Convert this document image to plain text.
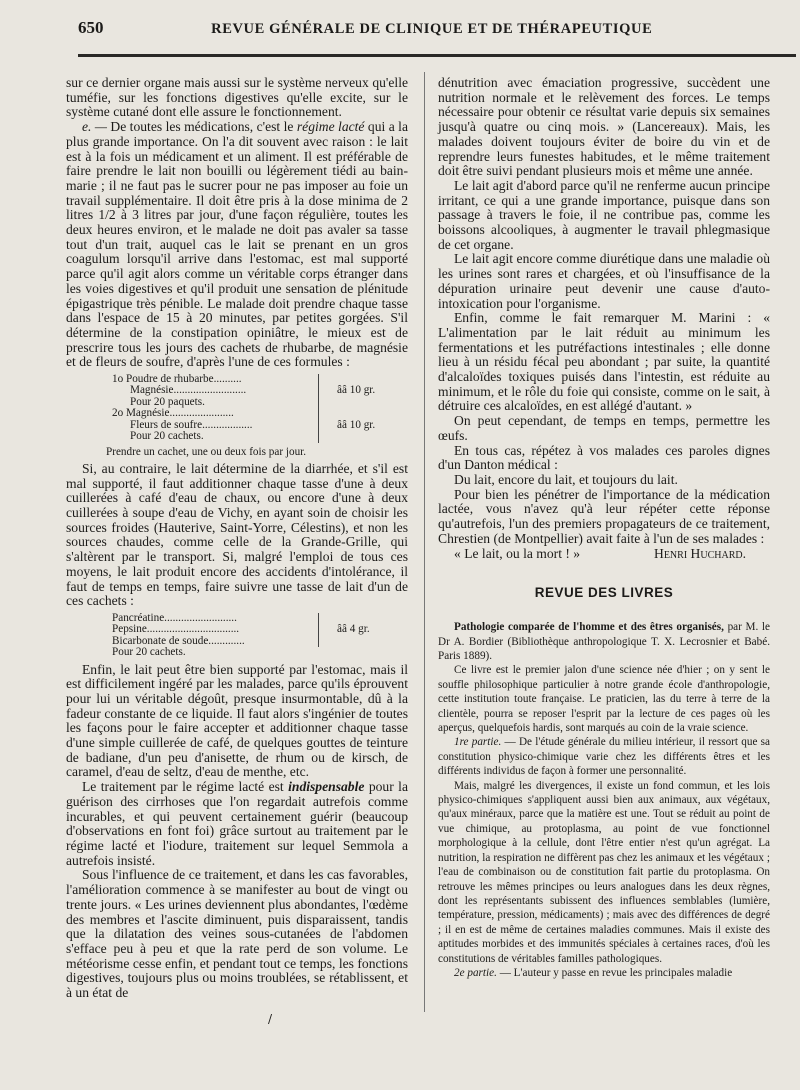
650	REVUE GÉNÉRALE DE CLINIQUE ET DE THÉRAPEUTIQUE

sur ce dernier organe mais aussi sur le système nerveux qu'elle tuméfie, sur les fonctions digestives qu'elle excite, sur le système cutané dont elle assure le fonctionnement.

e. — De toutes les médications, c'est le régime lacté qui a la plus grande importance. On l'a dit souvent avec raison : le lait est à la fois un médicament et un aliment. Il est préférable de faire prendre le lait non bouilli ou légèrement tiédi au bain-marie ; il ne faut pas le sucrer pour ne pas imposer au foie un travail supplémentaire. Il doit être pris à la dose minima de 2 litres 1/2 à 3 litres par jour, d'une façon régulière, toutes les deux heures environ, et le malade ne doit pas avaler sa tasse tout d'un trait, auquel cas le lait se prenant en un gros coagulum lorsqu'il arrive dans l'estomac, est mal supporté parce qu'il agit alors comme un véritable corps étranger dans les voies digestives et qu'il produit une sensation de plénitude épigastrique très pénible. Le malade doit prendre chaque tasse dans l'espace de 15 à 20 minutes, par petites gorgées. S'il détermine de la constipation opiniâtre, le mieux est de prescrire tous les jours des cachets de rhubarbe, de magnésie et de fleurs de soufre, d'après l'une de ces formules :

1o Poudre de rhubarbe..........
Magnésie..........................	ââ 10 gr.
Pour 20 paquets.
2o Magnésie.......................
Fleurs de soufre..................	ââ 10 gr.
Pour 20 cachets.
Prendre un cachet, une ou deux fois par jour.

Si, au contraire, le lait détermine de la diarrhée, et s'il est mal supporté, il faut additionner chaque tasse d'une à deux cuillerées à café d'eau de chaux, ou encore d'une à deux cuillerées à soupe d'eau de Vichy, en ayant soin de choisir les sources froides (Hauterive, Saint-Yorre, Célestins), et non les sources chaudes, comme celle de la Grande-Grille, qui s'altèrent par le transport. Si, malgré l'emploi de tous ces moyens, le lait produit encore des accidents d'intolérance, il faut de temps en temps, faire suivre une tasse de lait d'un de ces cachets :

Pancréatine..........................
Pepsine.................................	ââ 4 gr.
Bicarbonate de soude.............
Pour 20 cachets.

Enfin, le lait peut être bien supporté par l'estomac, mais il est difficilement ingéré par les malades, parce qu'ils éprouvent pour lui un véritable dégoût, presque insurmontable, dû à la fadeur constante de ce liquide. Il faut alors s'ingénier de toutes les façons pour le faire accepter et additionner chaque tasse d'une simple cuillerée de café, de quelques gouttes de teinture de badiane, d'un peu d'anisette, de rhum ou de kirsch, de caramel, d'eau de seltz, d'eau de menthe, etc.

Le traitement par le régime lacté est indispensable pour la guérison des cirrhoses que l'on regardait autrefois comme incurables, et qui peuvent certainement guérir (beaucoup d'observations en font foi) grâce surtout au traitement par le régime lacté et l'iodure, traitement sur lequel Semmola a autrefois insisté.

Sous l'influence de ce traitement, et dans les cas favorables, l'amélioration commence à se manifester au bout de vingt ou trente jours. « Les urines deviennent plus abondantes, l'œdème des membres et l'ascite diminuent, puis disparaissent, tandis que la dilatation des veines sous-cutanées de l'abdomen s'efface peu à peu et que la rate perd de son volume. Le météorisme cesse enfin, et pendant tout ce temps, les fonctions digestives, toujours plus ou moins troublées, se rétablissent, et à un état de

dénutrition avec émaciation progressive, succèdent une nutrition normale et le relèvement des forces. Le temps nécessaire pour obtenir ce résultat varie depuis six semaines jusqu'à quatre ou cinq mois. » (Lancereaux). Mais, les malades doivent toujours éviter de boire du vin et de reprendre leurs funestes habitudes, et le même traitement doit être suivi pendant plusieurs mois et même une année.

Le lait agit d'abord parce qu'il ne renferme aucun principe irritant, ce qui a une grande importance, puisque dans son passage à travers le foie, il ne contribue pas, comme les boissons alcooliques, à augmenter le travail phlegmasique de cet organe.

Le lait agit encore comme diurétique dans une maladie où les urines sont rares et chargées, et où l'insuffisance de la dépuration urinaire peut devenir une cause d'auto-intoxication pour l'organisme.

Enfin, comme le fait remarquer M. Marini : « L'alimentation par le lait réduit au minimum les fermentations et les putréfactions intestinales ; elle donne lieu à un résidu fécal peu abondant ; par suite, la quantité d'alcaloïdes toxiques puisés dans l'intestin, est réduite au minimum, et le rôle du foie qui consiste, comme on le sait, à détruire ces alcaloïdes, en est allégé d'autant. »

On peut cependant, de temps en temps, permettre les œufs.

En tous cas, répétez à vos malades ces paroles dignes d'un Danton médical :

Du lait, encore du lait, et toujours du lait.

Pour bien les pénétrer de l'importance de la médication lactée, vous n'avez qu'à leur répéter cette réponse qu'autrefois, l'un des premiers propagateurs de ce traitement, Chrestien (de Montpellier) avait faite à l'un de ses malades :

« Le lait, ou la mort ! »	Henri Huchard.

REVUE DES LIVRES

Pathologie comparée de l'homme et des êtres organisés, par M. le Dr A. Bordier (Bibliothèque anthropologique T. X. Lecrosnier et Babé. Paris 1889).

Ce livre est le premier jalon d'une science née d'hier ; on y sent le souffle philosophique particulier à notre grande école d'anthropologie, cette institution toute française. Le praticien, las du terre à terre de la clientèle, pourra se reposer l'esprit par la lecture de ces pages où les aperçus, quelquefois hardis, sont marqués au coin de la vraie science.

1re partie. — De l'étude générale du milieu intérieur, il ressort que sa constitution physico-chimique varie chez les différents êtres et les différents individus de façon à former une personnalité.

Mais, malgré les divergences, il existe un fond commun, et les lois physico-chimiques s'appliquent aussi bien aux animaux, aux végétaux, qu'aux minéraux, parce que la matière est une. Tout se réduit au point de vue chimique, au protoplasma, au point de vue fonctionnel morphologique à la cellule, dont l'être entier n'est qu'un agrégat. La nutrition, la respiration ne diffèrent pas chez les animaux et les végétaux ; l'eau de combinaison ou de constitution fait partie du protoplasma. On retrouve les mêmes principes ou leurs analogues dans les deux règnes, dont les représentants subissent des influences semblables (lumière, température, pression, médicaments) ; mais avec des différences de degré ; il en est de même de certaines maladies communes. Mais il existe des aptitudes morbides et des immunités spéciales à certaines races, d'où les constitutions de véritables familles pathologiques.

2e partie. — L'auteur y passe en revue les principales maladie

/
